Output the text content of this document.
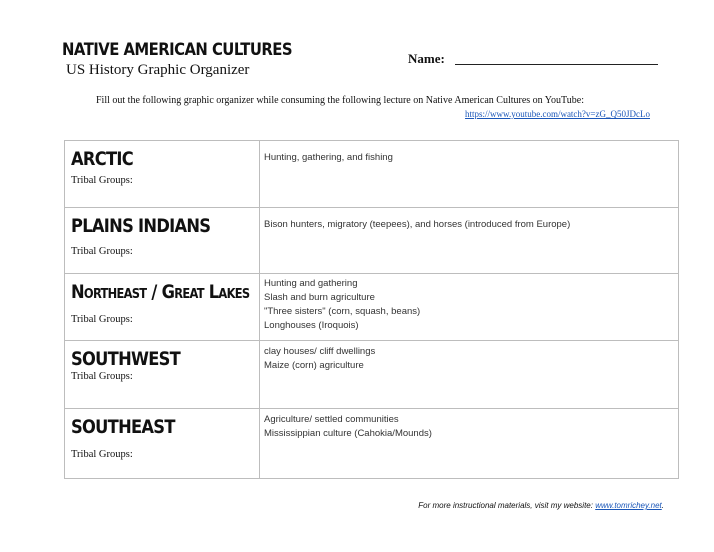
NATIVE AMERICAN CULTURES
US History Graphic Organizer
Name:
Fill out the following graphic organizer while consuming the following lecture on Native American Cultures on YouTube:
https://www.youtube.com/watch?v=zG_Q50JDcLo
ARCTIC
Tribal Groups:
Hunting, gathering, and fishing
PLAINS INDIANS
Tribal Groups:
Bison hunters, migratory (teepees), and horses (introduced from Europe)
Northeast / Great Lakes
Tribal Groups:
Hunting and gathering
Slash and burn agriculture
"Three sisters" (corn, squash, beans)
Longhouses (Iroquois)
SOUTHWEST
Tribal Groups:
clay houses/ cliff dwellings
Maize (corn) agriculture
SOUTHEAST
Tribal Groups:
Agriculture/ settled communities
Mississippian culture (Cahokia/Mounds)
For more instructional materials, visit my website: www.tomrichey.net.
